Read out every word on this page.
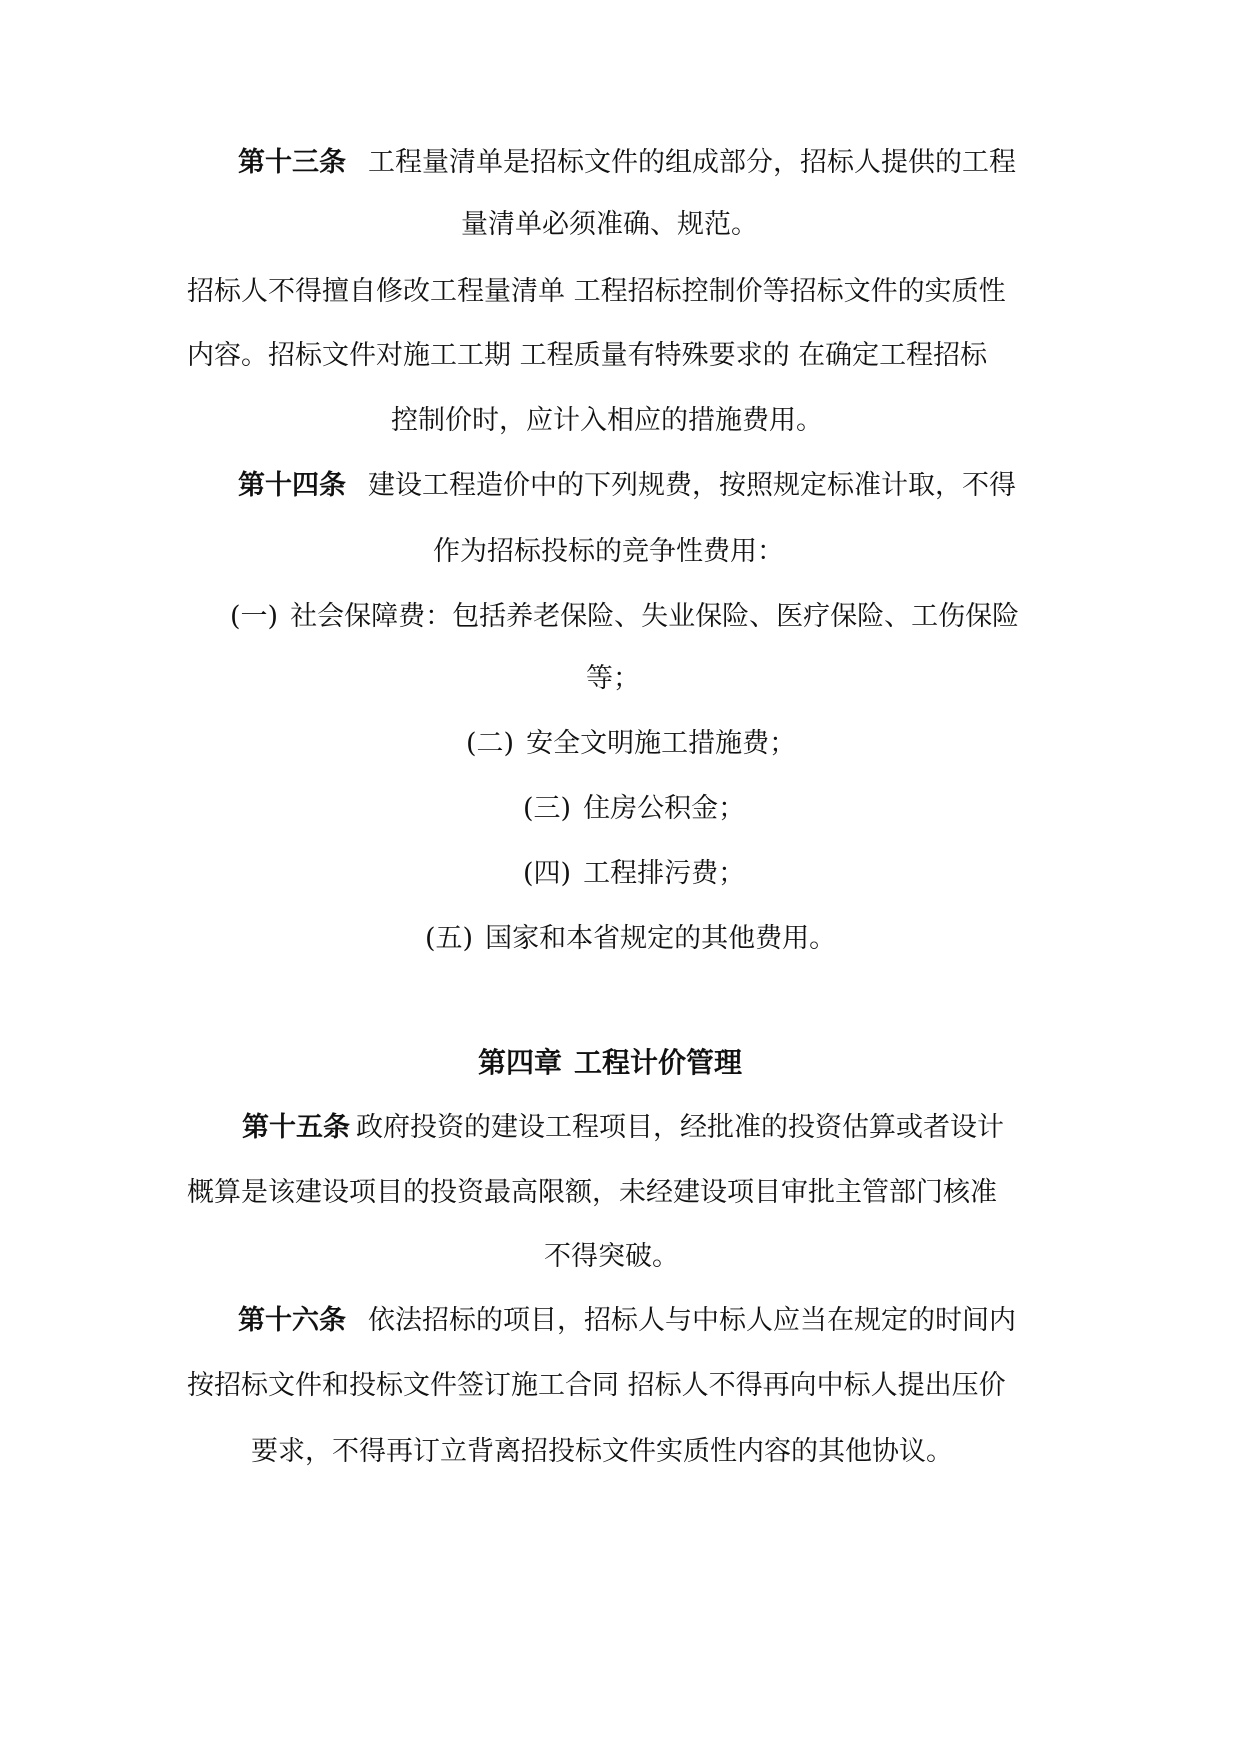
第十三条 工程量清单是招标文件的组成部分，招标人提供的工程

量清单必须准确、规范。

招标人不得擅自修改工程量清单 工程招标控制价等招标文件的实质性

内容。招标文件对施工工期 工程质量有特殊要求的 在确定工程招标

控制价时，应计入相应的措施费用。

第十四条 建设工程造价中的下列规费，按照规定标准计取，不得

作为招标投标的竞争性费用：

(一) 社会保障费：包括养老保险、失业保险、医疗保险、工伤保险

等；

(二) 安全文明施工措施费；

(三) 住房公积金；

(四) 工程排污费；

(五) 国家和本省规定的其他费用。

第四章 工程计价管理

第十五条 政府投资的建设工程项目，经批准的投资估算或者设计

概算是该建设项目的投资最高限额，未经建设项目审批主管部门核准

不得突破。

第十六条 依法招标的项目，招标人与中标人应当在规定的时间内

按招标文件和投标文件签订施工合同 招标人不得再向中标人提出压价

要求，不得再订立背离招投标文件实质性内容的其他协议。
